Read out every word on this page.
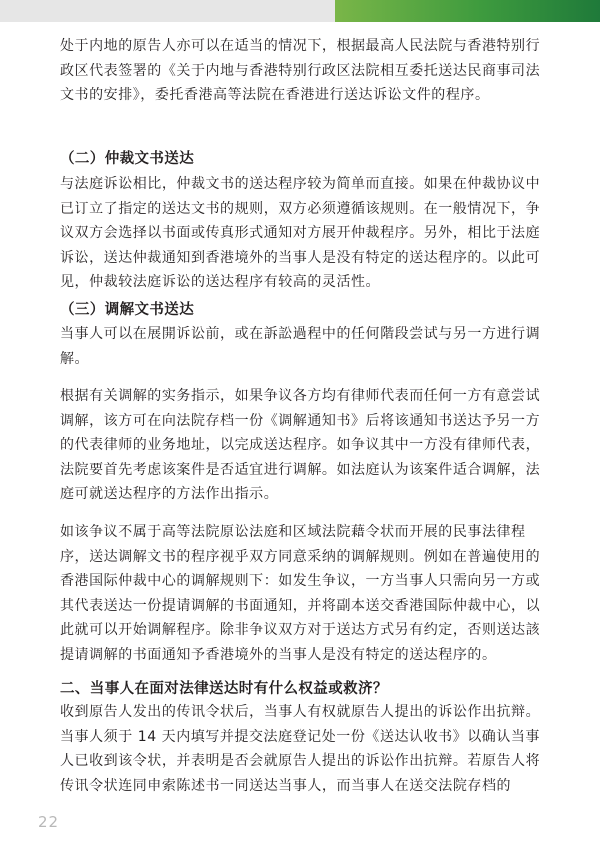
处于内地的原告人亦可以在适当的情况下，根据最高人民法院与香港特别行政区代表签署的《关于内地与香港特别行政区法院相互委托送达民商事司法文书的安排》，委托香港高等法院在香港进行送达诉讼文件的程序。

（二）仲裁文书送达

与法庭诉讼相比，仲裁文书的送达程序较为简单而直接。如果在仲裁协议中已订立了指定的送达文书的规则，双方必须遵循该规则。在一般情况下，争议双方会选择以书面或传真形式通知对方展开仲裁程序。另外，相比于法庭诉讼，送达仲裁通知到香港境外的当事人是没有特定的送达程序的。以此可见，仲裁较法庭诉讼的送达程序有较高的灵活性。

（三）调解文书送达

当事人可以在展開诉讼前，或在訴訟過程中的任何階段尝试与另一方进行调解。

根据有关调解的实务指示，如果争议各方均有律师代表而任何一方有意尝试调解，该方可在向法院存档一份《调解通知书》后将该通知书送达予另一方的代表律师的业务地址，以完成送达程序。如争议其中一方没有律师代表，法院要首先考虑该案件是否适宜进行调解。如法庭认为该案件适合调解，法庭可就送达程序的方法作出指示。

如该争议不属于高等法院原讼法庭和区域法院藉令状而开展的民事法律程序，送达调解文书的程序视乎双方同意采纳的调解规则。例如在普遍使用的香港国际仲裁中心的调解规则下：如发生争议，一方当事人只需向另一方或其代表送达一份提请调解的书面通知，并将副本送交香港国际仲裁中心，以此就可以开始调解程序。除非争议双方对于送达方式另有约定，否则送达該提请调解的书面通知予香港境外的当事人是没有特定的送达程序的。

二、当事人在面对法律送达时有什么权益或救济？

收到原告人发出的传讯令状后，当事人有权就原告人提出的诉讼作出抗辩。当事人须于 14 天内填写并提交法庭登记处一份《送达认收书》以确认当事人已收到该令状，并表明是否会就原告人提出的诉讼作出抗辩。若原告人将传讯令状连同申索陈述书一同送达当事人，而当事人在送交法院存档的

22
